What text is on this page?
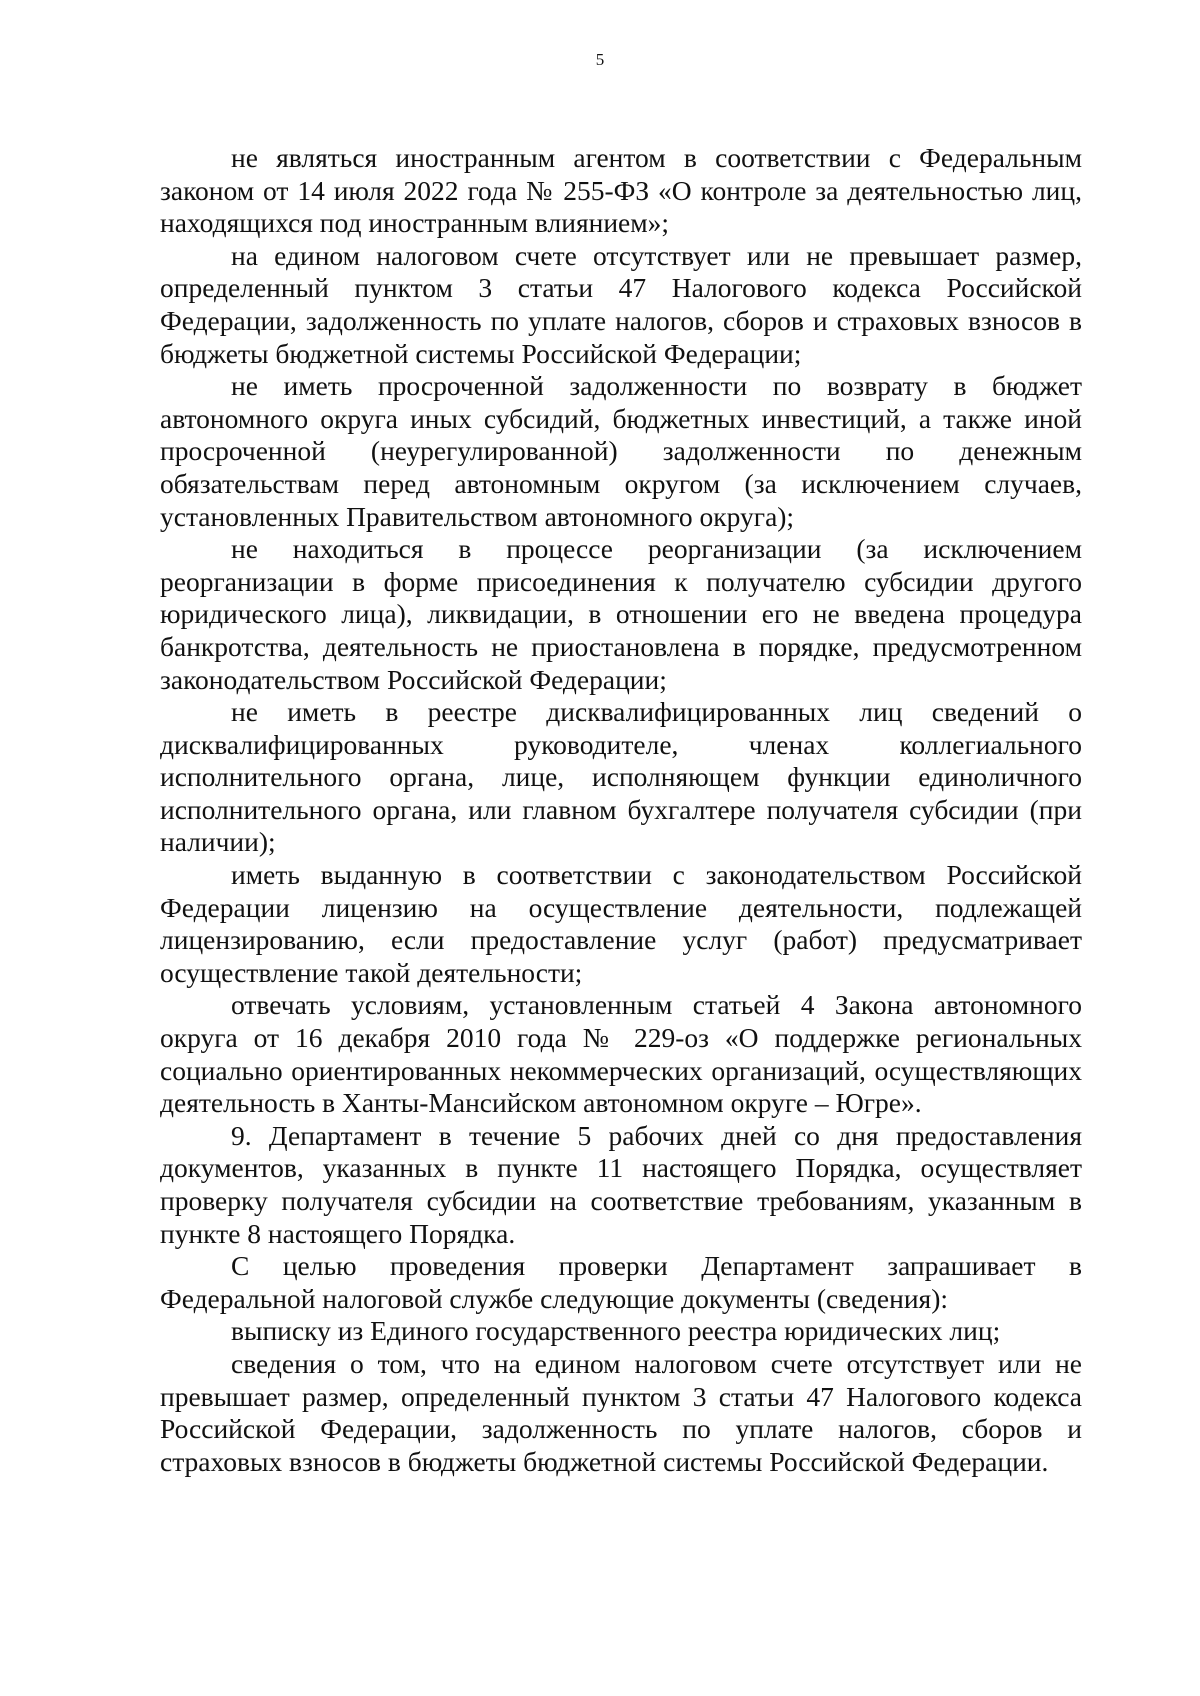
5

не являться иностранным агентом в соответствии с Федеральным законом от 14 июля 2022 года № 255-ФЗ «О контроле за деятельностью лиц, находящихся под иностранным влиянием»;

на едином налоговом счете отсутствует или не превышает размер, определенный пунктом 3 статьи 47 Налогового кодекса Российской Федерации, задолженность по уплате налогов, сборов и страховых взносов в бюджеты бюджетной системы Российской Федерации;

не иметь просроченной задолженности по возврату в бюджет автономного округа иных субсидий, бюджетных инвестиций, а также иной просроченной (неурегулированной) задолженности по денежным обязательствам перед автономным округом (за исключением случаев, установленных Правительством автономного округа);

не находиться в процессе реорганизации (за исключением реорганизации в форме присоединения к получателю субсидии другого юридического лица), ликвидации, в отношении его не введена процедура банкротства, деятельность не приостановлена в порядке, предусмотренном законодательством Российской Федерации;

не иметь в реестре дисквалифицированных лиц сведений о дисквалифицированных руководителе, членах коллегиального исполнительного органа, лице, исполняющем функции единоличного исполнительного органа, или главном бухгалтере получателя субсидии (при наличии);

иметь выданную в соответствии с законодательством Российской Федерации лицензию на осуществление деятельности, подлежащей лицензированию, если предоставление услуг (работ) предусматривает осуществление такой деятельности;

отвечать условиям, установленным статьей 4 Закона автономного округа от 16 декабря 2010 года № 229-оз «О поддержке региональных социально ориентированных некоммерческих организаций, осуществляющих деятельность в Ханты-Мансийском автономном округе – Югре».

9. Департамент в течение 5 рабочих дней со дня предоставления документов, указанных в пункте 11 настоящего Порядка, осуществляет проверку получателя субсидии на соответствие требованиям, указанным в пункте 8 настоящего Порядка.

С целью проведения проверки Департамент запрашивает в Федеральной налоговой службе следующие документы (сведения):

выписку из Единого государственного реестра юридических лиц;

сведения о том, что на едином налоговом счете отсутствует или не превышает размер, определенный пунктом 3 статьи 47 Налогового кодекса Российской Федерации, задолженность по уплате налогов, сборов и страховых взносов в бюджеты бюджетной системы Российской Федерации.
